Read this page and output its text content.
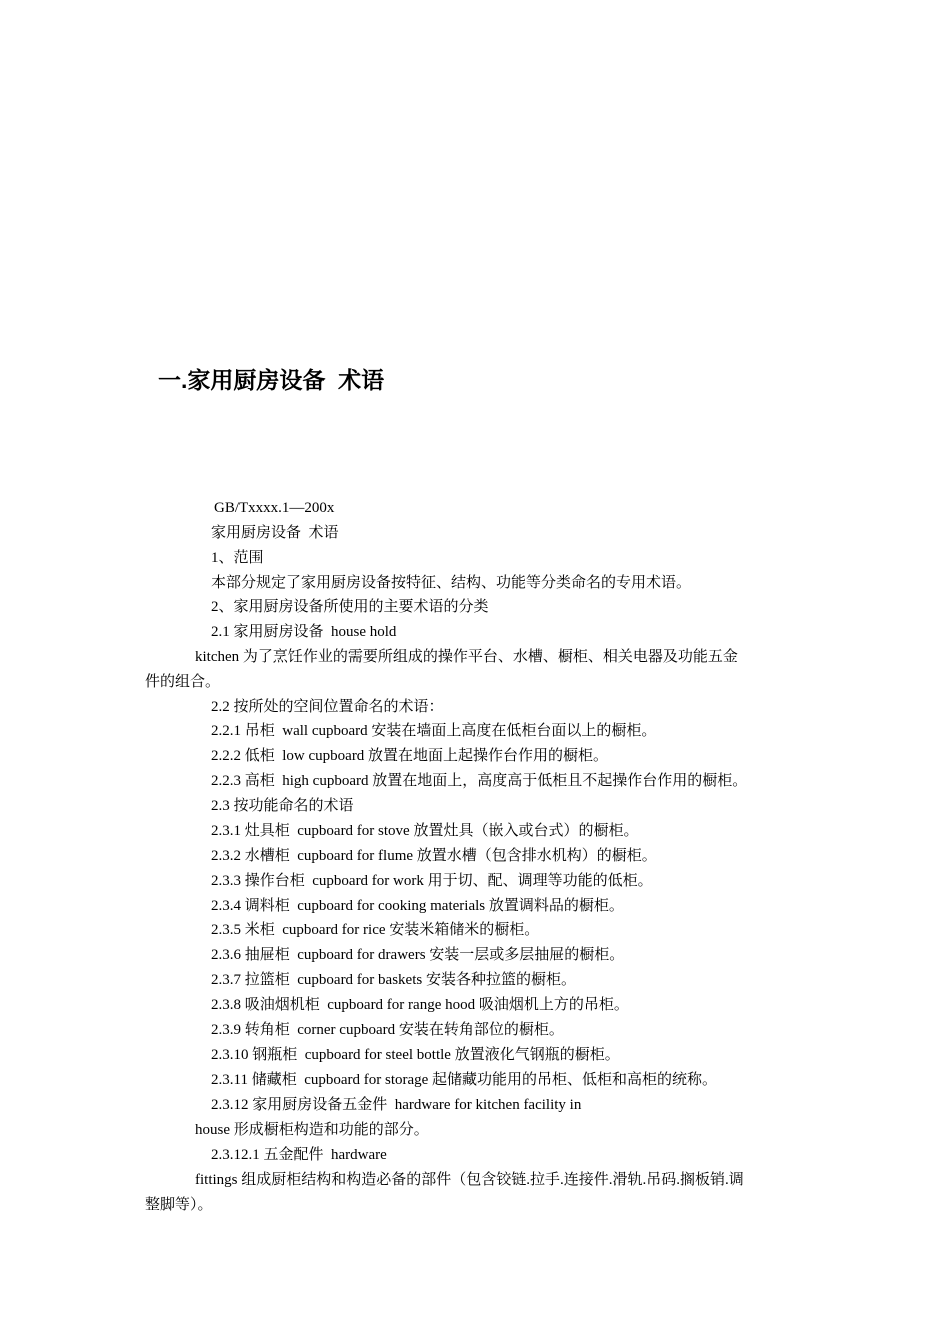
一.家用厨房设备  术语
GB/Txxxx.1—200x
家用厨房设备  术语
1、范围
本部分规定了家用厨房设备按特征、结构、功能等分类命名的专用术语。
2、家用厨房设备所使用的主要术语的分类
2.1 家用厨房设备  house hold
kitchen 为了烹饪作业的需要所组成的操作平台、水槽、橱柜、相关电器及功能五金
件的组合。
2.2 按所处的空间位置命名的术语：
2.2.1 吊柜  wall cupboard 安装在墙面上高度在低柜台面以上的橱柜。
2.2.2 低柜  low cupboard 放置在地面上起操作台作用的橱柜。
2.2.3 高柜  high cupboard 放置在地面上，高度高于低柜且不起操作台作用的橱柜。
2.3 按功能命名的术语
2.3.1 灶具柜  cupboard for stove 放置灶具（嵌入或台式）的橱柜。
2.3.2 水槽柜  cupboard for flume 放置水槽（包含排水机构）的橱柜。
2.3.3 操作台柜  cupboard for work 用于切、配、调理等功能的低柜。
2.3.4 调料柜  cupboard for cooking materials 放置调料品的橱柜。
2.3.5 米柜  cupboard for rice 安装米箱储米的橱柜。
2.3.6 抽屉柜  cupboard for drawers 安装一层或多层抽屉的橱柜。
2.3.7 拉篮柜  cupboard for baskets 安装各种拉篮的橱柜。
2.3.8 吸油烟机柜  cupboard for range hood 吸油烟机上方的吊柜。
2.3.9 转角柜  corner cupboard 安装在转角部位的橱柜。
2.3.10 钢瓶柜  cupboard for steel bottle 放置液化气钢瓶的橱柜。
2.3.11 储藏柜  cupboard for storage 起储藏功能用的吊柜、低柜和高柜的统称。
2.3.12 家用厨房设备五金件  hardware for kitchen facility in
house 形成橱柜构造和功能的部分。
2.3.12.1 五金配件  hardware
fittings 组成厨柜结构和构造必备的部件（包含铰链.拉手.连接件.滑轨.吊码.搁板销.调
整脚等）。
